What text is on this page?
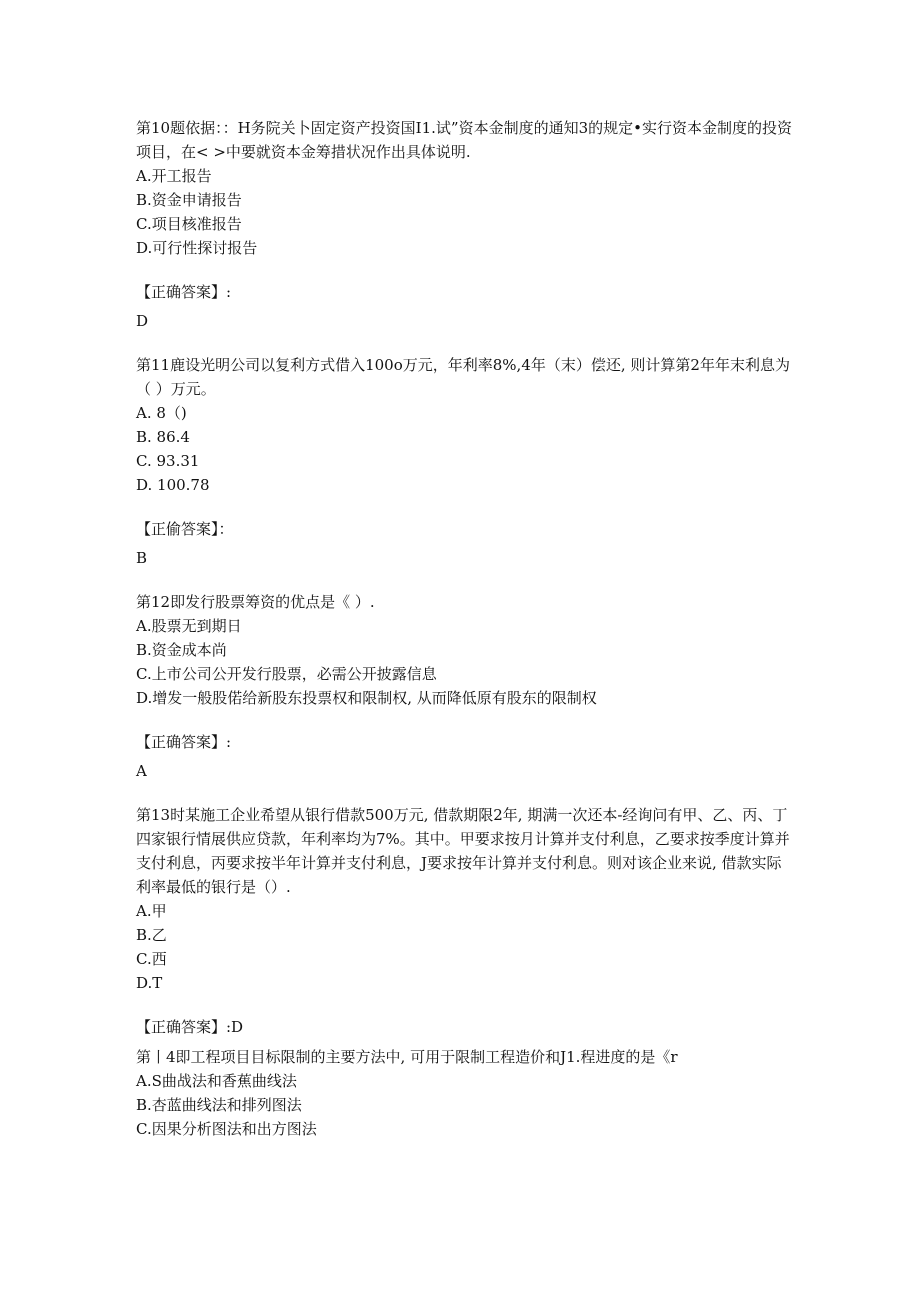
第10题依据：：H务院关卜固定资产投资国I1.试”资本金制度的通知3的规定•实行资本金制度的投资项目，在< >中要就资本金筹措状况作出具体说明.

A.开工报告

B.资金申请报告

C.项目核准报告

D.可行性探讨报告

【正确答案】:
D

第11鹿设光明公司以复利方式借入100o万元，年利率8%,4年（末）偿还, 则计算第2年年末利息为（ ）万元。

A. 8（)

B. 86.4

C. 93.31

D. 100.78

【正偷答案】：
B

第12即发行股票筹资的优点是《 ）.

A.股票无到期日

B.资金成本尚

C.上市公司公开发行股票，必需公开披露信息

D.增发一般股偌给新股东投票权和限制权, 从而降低原有股东的限制权

【正确答案】:
A

第13时某施工企业希望从银行借款500万元, 借款期限2年, 期满一次还本-经询问有甲、乙、丙、丁四家银行情展供应贷款，年利率均为7%。其中。甲要求按月计算并支付利息，乙要求按季度计算并支付利息，丙要求按半年计算并支付利息，J要求按年计算并支付利息。则对该企业来说, 借款实际利率最低的银行是（）.

A.甲

B.乙

C.西

D.T

【正确答案】:D

第丨4即工程项目目标限制的主要方法中, 可用于限制工程造价和J1.程进度的是《r

A.S曲战法和香蕉曲线法

B.杏蓝曲线法和排列图法

C.因果分析图法和出方图法
